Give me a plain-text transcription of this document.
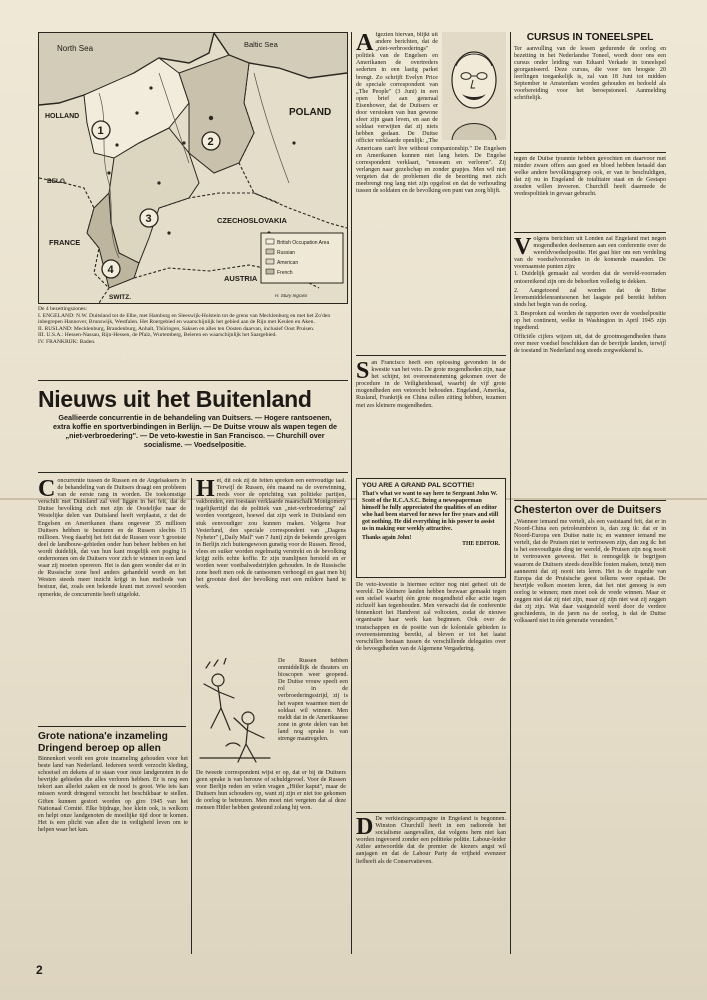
North Sea	Baltic Sea
HOLLAND
BELG.
FRANCE
POLAND
CZECHOSLOVAKIA
AUSTRIA
SWITZ.
1
2
3
4
British Occupation Area
Russian
American
French
H. Stury Ingrass

De 4 bezettingszones:

I. ENGELAND: N.W. Duitsland tot de Elbe, met Hamburg en Sleeswijk-Holstein tot de grens van Mecklenburg en met het Zo'den inbegrepen Hannover, Brunswijk, Westfalen. Het Roergebied en waarschijnlijk het gebied aan de Rijn met Keulen en Aken.

II. RUSLAND: Mecklenburg, Brandenburg, Anhalt, Thüringen, Saksen en alles ten Oosten daarvan, inclusief Oost Pruisen.

III. U.S.A.: Hessen-Nassau, Rijn-Hessen, de Pfalz, Wurtemberg, Beieren en waarschijnlijk het Saargebied.

IV. FRANKRIJK: Baden.

Nieuws uit het Buitenland
Geallieerde concurrentie in de behandeling van Duitsers. — Hogere rantsoenen, extra koffie en sportverbindingen in Berlijn. — De Duitse vrouw als wapen tegen de „niet-verbroedering". — De veto-kwestie in San Francisco. — Churchill over socialisme. — Voedselpositie.

Concurrentie tussen de Russen en de Angelsaksers in de behandeling van de Duitsers draagt een probleem van de eerste rang in worden. De toekomstige verschilt met Duitsland zal veel liggen in het feit, dat de Duitse bevolking zich met zijn de Oostelijke naar de Westelijke delen van Duitsland heeft verplaatst, z dat de Engelsen en Amerikanen thans ongeveer 35 millioen Duitsers hebben te besturen en de Russen slechts 15 millioen. Voeg daarbij het feit dat de Russen voor 't grootste deel de landbouw-gebieden onder hun beheer hebben en het wordt duidelijk, dat van hun kant mogelijk een poging is ondernomen om de Duitsers voor zich te winnen in een land waar zij moeten opereren. Het is dan geen wonder dat er in de Russische zone heel anders gehandeld wordt en het Westen steeds meer inzicht krijgt in hun methode van bestuur, dat, zoals een bekende krant met zoveel woorden opmerkte, de concurrentie heeft uitgelokt.

Grote nationa'e inzameling

Dringend beroep op allen

Binnenkort wordt een grote inzameling gehouden voor het beste land van Nederland. Iedereen wordt verzocht kleding, schoeisel en dekens af te staan voor onze landgenoten in de bevrijde gebieden die alles verloren hebben. Er is nog een tekort aan allerlei zaken en de nood is groot. Wie iets kan missen wordt dringend verzocht het beschikbaar te stellen. Giften kunnen gestort worden op giro 1945 van het Nationaal Comité. Elke bijdrage, hoe klein ook, is welkom en helpt onze landgenoten de moeilijke tijd door te komen. Het is een plicht van allen die in veiligheid leven om te helpen waar het kan.

Het, dit ook zij de feiten spreken een eenvoudige taal. Terwijl de Russen, één maand na de overwinning, reeds voor de oprichting van politieke partijen, vakbonden, een toestaan verklaarde maarschalk Montgomery tegelijkertijd dat de politiek van „niet-verbroedering" zal worden voortgezet, hoewel dat zijn werk in Duitsland een stuk eenvoudiger zou kunnen maken. Volgens Ivar Vesterlund, den speciale correspondent van „Dagens Nyheter" („Daily Mail" van 7 Juni) zijn de bekende gevolgen in Berlijn zich buitengewoon gunstig voor de Russen. Brood, vlees en suiker worden regelmatig verstrekt en de bevolking krijgt zelfs echte koffie. Er zijn tramlijnen hersteld en er worden weer voetbalwedstrijden gehouden. In de Russische zone heeft men ook de rantsoenen verhoogd en gaat men bij het grootste deel der bevolking met een mildere hand te werk.

De Russen hebben onmiddellijk de theaters en bioscopen weer geopend. De Duitse vrouw speelt een rol in de verbroederingsstrijd, zij is het wapen waarmee men de soldaat wil winnen. Men meldt dat in de Amerikaanse zone in grote delen van het land nog sprake is van strenge maatregelen.

De tweede correspondent wijst er op, dat er bij de Duitsers geen sprake is van berouw of schuldgevoel. Voor de Russen voor Berlijn reden en velen vragen „Hitler kaput", maar de Duitsers hun schouders op, want zij zijn er niet toe gekomen de oorlog te betreuren. Men moet niet vergeten dat al deze mensen Hitler hebben gesteund zolang hij won.

Afgezien hiervan, blijkt uit andere berichten, dat de „niet-verbroederings" politiek van de Engelsen en Amerikanen de overtreders sederten in een lastig parket brengt. Zo schrijft Evelyn Price de speciale correspondent van „The People" (3 Juni) in een open brief aan generaal Eisenhower, dat de Duitsers er door verstoken van hun gewone sfeer zijn gaan leven, en aan de soldaat verwijten dat zij niets hebben gedaan. De Duitse officier verklaarde openlijk: „The Americans can't live without companionship." De Engelsen en Amerikanen kunnen niet lang heten. De Engelse correspondent verklaart, "ensoeam en verloren". Zij verlangen naar gezelschap en zonder grapjes. Men wil niet vergeten dat de problemen die de bezetting met zich meebrengt nog lang niet zijn opgelost en dat de verhouding tussen de soldaten en de bevolking een punt van zorg blijft.

San Francisco heeft een oplossing gevonden in de kwestie van het veto. De grote mogendheden zijn, naar het schijnt, tot overeenstemming gekomen over de procedure in de Veiligheidsraad, waarbij de vijf grote mogendheden een vetorecht behouden. Engeland, Amerika, Rusland, Frankrijk en China zullen zitting hebben, tezamen met zes kleinere mogendheden.

YOU ARE A GRAND PAL SCOTTIE!

That's what we want to say here to Sergeant John W. Scott of the R.C.A.S.C. Being a newspaperman himself he fully appreciated the qualities of an editor who had been starved for news for five years and still got nothing. He did everything in his power to assist us in making our weekly attractive.

Thanks again John!

THE EDITOR.

De veto-kwestie is hiermee echter nog niet geheel uit de wereld. De kleinere landen hebben bezwaar gemaakt tegen een stelsel waarbij één grote mogendheid elke actie tegen zichzelf kan tegenhouden. Men verwacht dat de conferentie binnenkort het Handvest zal voltooien, zodat de nieuwe organisatie haar werk kan beginnen. Ook over de trustschappen en de positie van de koloniale gebieden is overeenstemming bereikt, al bleven er tot het laatst verschillen bestaan tussen de verschillende delegaties over de bevoegdheden van de Algemene Vergadering.

D De verkiezingscampagne in Engeland is begonnen. Winston Churchill heeft in een radiorede het socialisme aangevallen, dat volgens hem niet kan worden ingevoerd zonder een politieke politie. Labour-leider Attlee antwoordde dat de premier de kiezers angst wil aanjagen en dat de Labour Party de vrijheid evenzeer liefheeft als de Conservatieven.

CURSUS IN TONEELSPEL

Ter aanvulling van de lessen gedurende de oorlog en bezetting in het Nederlandse Toneel, wordt door ons een cursus onder leiding van Eduard Verkade in toneelspel georganiseerd. Deze cursus, die voor ten hoogste 20 leerlingen toegankelijk is, zal van 18 Juni tot midden September te Amsterdam worden gehouden en bedoeld als voorbereiding voor het beroepstoneel. Aanmelding schriftelijk.

tegen de Duitse tyrannie hebben gevochten en daarvoor met minder zware offers aan goed en bloed hebben betaald dan welke andere bevolkingsgroep ook, er van te beschuldigen, dat zij nu in Engeland de totalitaire staat en de Gestapo zouden willen invoeren. Churchill heeft daarmede de vredespolitiek in gevaar gebracht.

Volgens berichten uit Londen zal Engeland met negen mogendheden deelnemen aan een conferentie over de wereldvoedselpositie. Het gaat hier om een verdeling van de voedselvoorraden in de komende maanden. De voornaamste punten zijn:

1. Duidelijk gemaakt zal worden dat de wereld-voorraden ontoereikend zijn om de behoeften volledig te dekken.

2. Aangetoond zal worden dat de Britse levensmiddelenrantsoenen het laagste peil bereikt hebben sinds het begin van de oorlog.

3. Besproken zal worden de rapporten over de voedselpositie op het continent, welke in Washington in April 1945 zijn ingediend.

Officiële cijfers wijzen uit, dat de grootmogendheden thans over meer voedsel beschikken dan de bevrijde landen, terwijl de toestand in Nederland nog steeds zorgwekkend is.

Chesterton over de Duitsers

„Wanneer iemand me vertelt, als een vaststaand feit, dat er in Noord-China een petroleumbron is, dan zeg ik: dat er in Noord-Europa een Duitse natie is; en wanneer iemand me vertelt, dat de Pruisen niet te vertrouwen zijn, dan zeg ik: het is het eenvoudigste ding ter wereld, de Pruisen zijn nog nooit te vertrouwen geweest. Het is onmogelijk te begrijpen waarom de Duitsers steeds dezelfde fouten maken, tenzij men aanneemt dat zij nooit iets leren. Het is de tragedie van Europa dat de Pruisische geest telkens weer opstaat. De bevrijde volken moeten leren, dat het niet genoeg is een oorlog te winnen; men moet ook de vrede winnen. Maar er zeggen niet dat zij niet zijn, maar zij zijn niet wat zij zeggen dat zij zijn. Wat daar vastgesteld werd door de verdere geschiedenis, in de jaren na de oorlog, is dat de Duitse volksaard niet in één generatie verandert."

2
